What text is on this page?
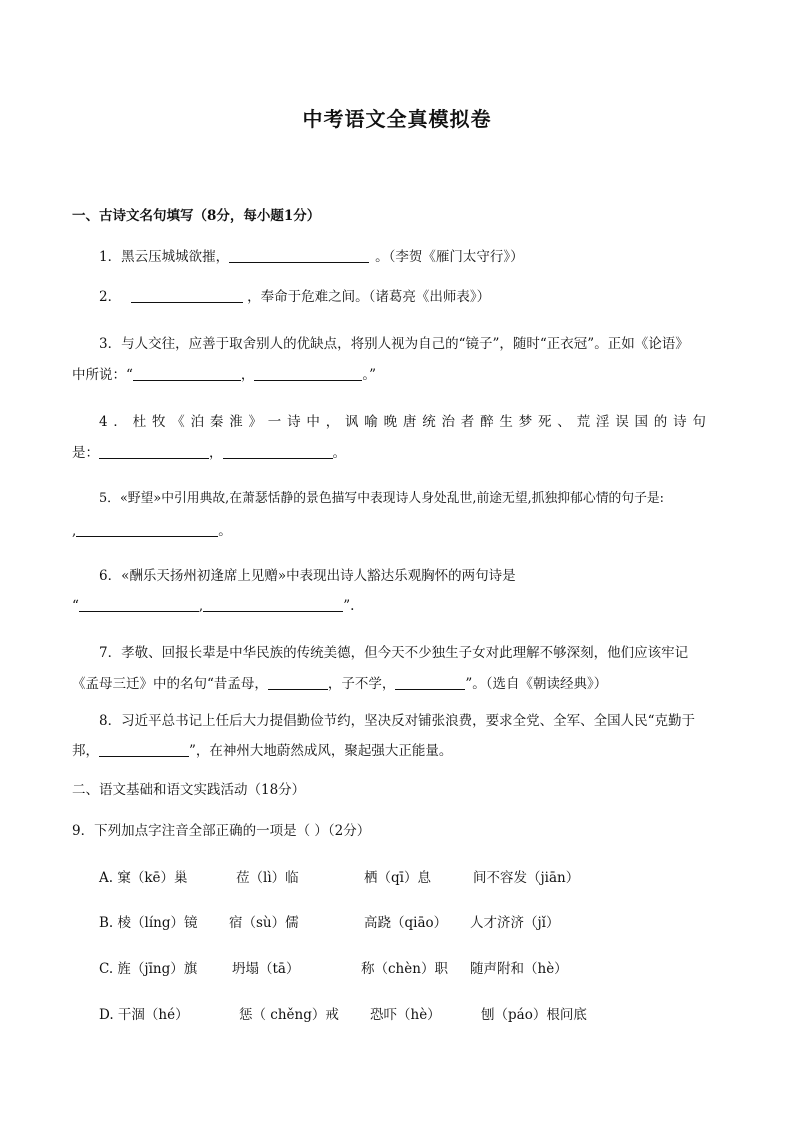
中考语文全真模拟卷
一、古诗文名句填写（8分，每小题1分）
1．黑云压城城欲摧，	。（李贺《雁门太守行》）
2．	，奉命于危难之间。（诸葛亮《出师表》）
3．与人交往，应善于取舍别人的优缺点，将别人视为自己的“镜子”，随时“正衣冠”。正如《论语》
中所说：“	，	。”
4．杜牧《泊秦淮》一诗中，讽喻晚唐统治者醉生梦死、荒淫误国的诗句
是：	，	。
5．«野望»中引用典故,在萧瑟恬静的景色描写中表现诗人身处乱世,前途无望,抓独抑郁心情的句子是:
,	。
6．«酬乐天扬州初逢席上见赠»中表现出诗人豁达乐观胸怀的两句诗是
“	,	”.
7．孝敬、回报长辈是中华民族的传统美德，但今天不少独生子女对此理解不够深刻，他们应该牢记
《孟母三迁》中的名句“昔孟母，	，子不学，	”。（选自《朝读经典》）
8．习近平总书记上任后大力提倡勤俭节约，坚决反对铺张浪费，要求全党、全军、全国人民“克勤于
邦，	”，在神州大地蔚然成风，聚起强大正能量。
二、语文基础和语文实践活动（18分）
9．下列加点字注音全部正确的一项是（ ）（2分）
A. 窠（kē）巢	莅（lì）临	栖（qī）息	间不容发（jiān）
B. 棱（líng）镜 宿（sù）儒	高跷（qiāo） 人才济济（jǐ）
C. 旌（jīng）旗	坍塌（tā）	称（chèn）职 随声附和（hè）
D. 干涸（hé）	惩（ chěng）戒 恐吓（hè）	刨（páo）根问底
